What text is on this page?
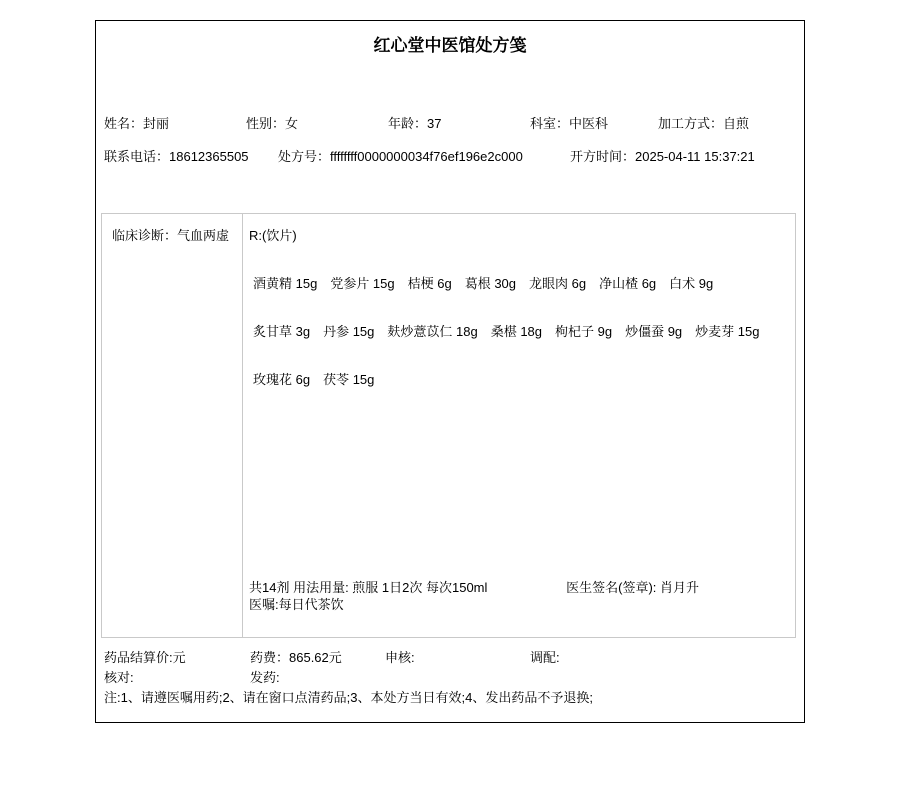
红心堂中医馆处方笺
姓名：封丽	性别：女	年龄：37	科室：中医科	加工方式：自煎
联系电话：18612365505	处方号：ffffffff0000000034f76ef196e2c000	开方时间：2025-04-11 15:37:21
临床诊断：气血两虚	R:(饮片)
酒黄精 15g 党参片 15g 桔梗 6g 葛根 30g 龙眼肉 6g 净山楂 6g 白术 9g
炙甘草 3g 丹参 15g 麸炒薏苡仁 18g 桑椹 18g 枸杞子 9g 炒僵蚕 9g 炒麦芽 15g
玫瑰花 6g 茯苓 15g
共14剂 用法用量: 煎服 1日2次 每次150ml	医生签名(签章): 肖月升
医嘱:每日代茶饮
药品结算价:元	药费：865.62元	申核:	调配:
核对:	发药:
注:1、请遵医嘱用药;2、请在窗口点清药品;3、本处方当日有效;4、发出药品不予退换;
